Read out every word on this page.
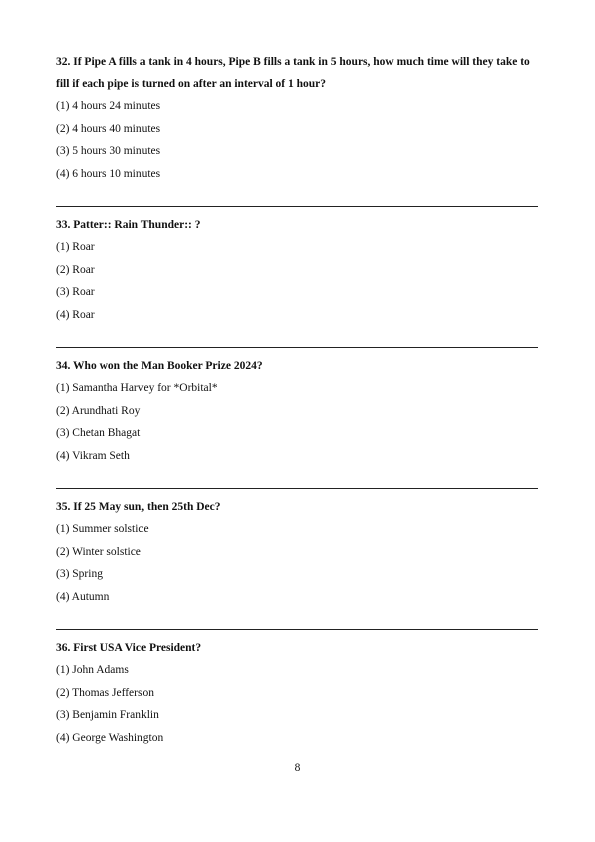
32. If Pipe A fills a tank in 4 hours, Pipe B fills a tank in 5 hours, how much time will they take to fill if each pipe is turned on after an interval of 1 hour?

(1) 4 hours 24 minutes

(2) 4 hours 40 minutes

(3) 5 hours 30 minutes

(4) 6 hours 10 minutes

33. Patter:: Rain Thunder:: ?

(1) Roar

(2) Roar

(3) Roar

(4) Roar

34. Who won the Man Booker Prize 2024?

(1) Samantha Harvey for *Orbital*

(2) Arundhati Roy

(3) Chetan Bhagat

(4) Vikram Seth

35. If 25 May sun, then 25th Dec?

(1) Summer solstice

(2) Winter solstice

(3) Spring

(4) Autumn

36. First USA Vice President?

(1) John Adams

(2) Thomas Jefferson

(3) Benjamin Franklin

(4) George Washington

8
